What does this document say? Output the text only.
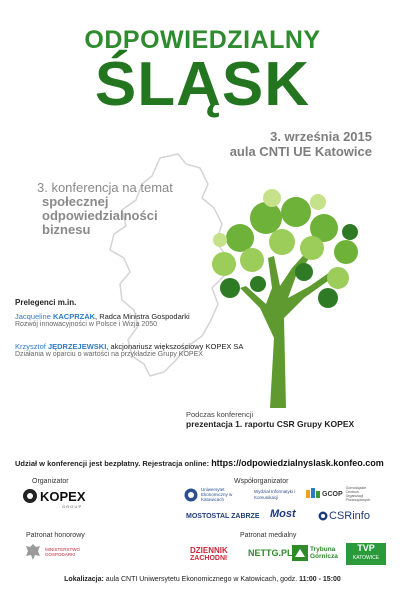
ODPOWIEDZIALNY
ŚLĄSK
3. września 2015
aula CNTI UE Katowice
3. konferencja na temat
społecznej
odpowiedzialności
biznesu
Prelegenci m.in.
Jacqueline KACPRZAK, Radca Ministra Gospodarki
Rozwój innowacyjności w Polsce i Wizja 2050
Krzysztof JĘDRZEJEWSKI, akcjonariusz większościowy KOPEX SA
Działania w oparciu o wartości na przykładzie Grupy KOPEX
Podczas konferencji
prezentacja 1. raportu CSR Grupy KOPEX
Udział w konferencji jest bezpłatny. Rejestracja online: https://odpowiedzialnyslask.konfeo.com
Organizator
KOPEX
G R O U P
Współorganizator
Uniwersytet Ekonomiczny w Katowicach
Wydział Informatyki i Komunikacji	GCOP
Górnośląskie Centrum Organizacji Pozarządowych
MOSTOSTAL ZABRZE Most	CSRinfo
Patronat honorowy
MINISTERSTWO GOSPODARKI
Patronat medialny
DZIENNIK
ZACHODNI
NETTG.PL	Trybuna
Górnicza
TVP
KATOWICE
Lokalizacja: aula CNTI Uniwersytetu Ekonomicznego w Katowicach, godz. 11:00 - 15:00
